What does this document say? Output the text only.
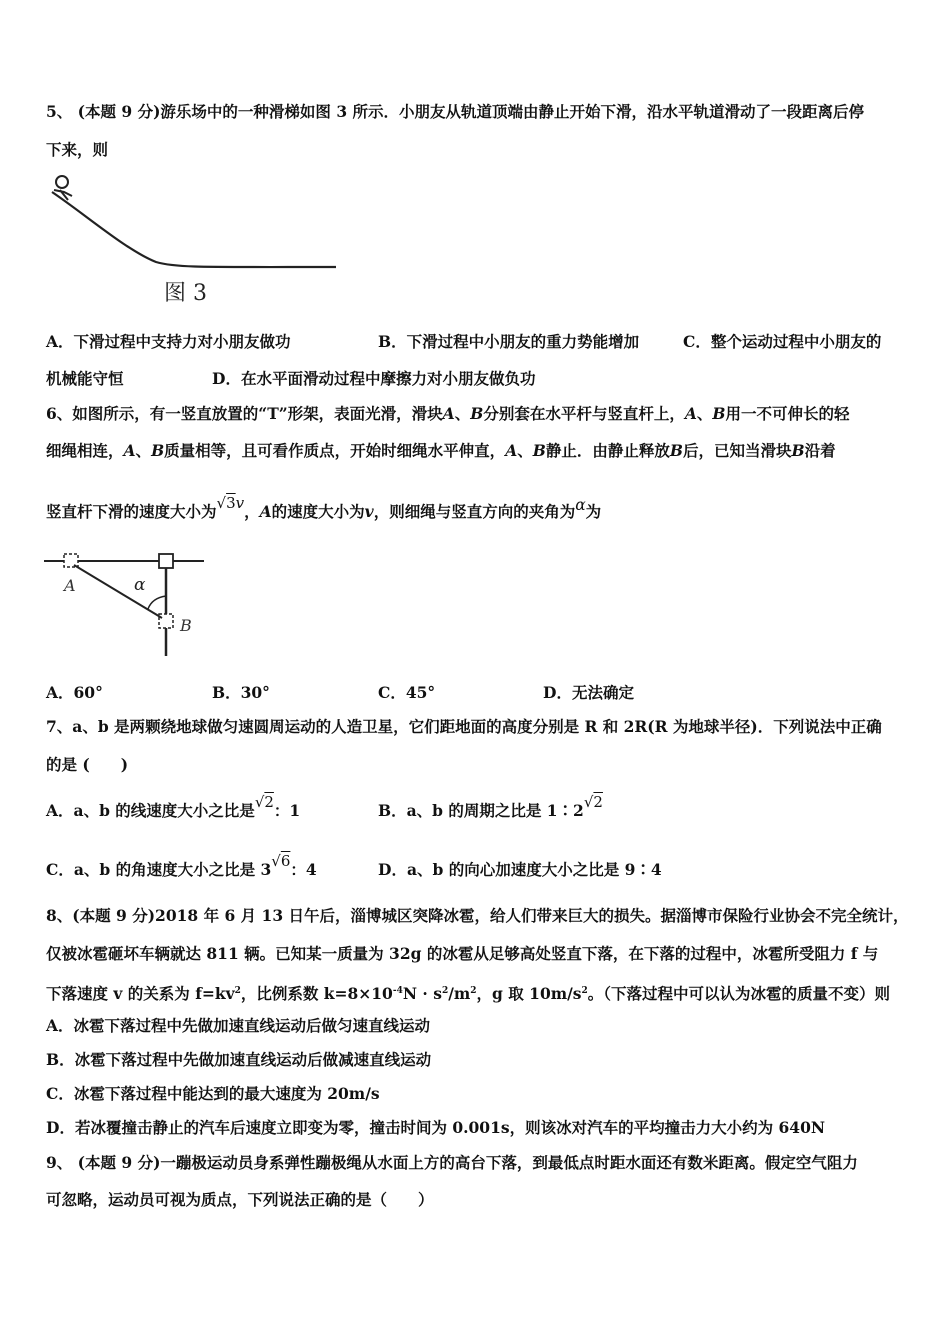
5、 (本题 9 分)游乐场中的一种滑梯如图 3 所示．小朋友从轨道顶端由静止开始下滑，沿水平轨道滑动了一段距离后停
下来，则
图 3
A．下滑过程中支持力对小朋友做功	B．下滑过程中小朋友的重力势能增加	C．整个运动过程中小朋友的
机械能守恒	D．在水平面滑动过程中摩擦力对小朋友做负功
6、如图所示，有一竖直放置的“T”形架，表面光滑，滑块A、B分别套在水平杆与竖直杆上，A、B用一不可伸长的轻
细绳相连，A、B质量相等，且可看作质点，开始时细绳水平伸直，A、B静止．由静止释放B后，已知当滑块B沿着
竖直杆下滑的速度大小为√3v，A的速度大小为v，则细绳与竖直方向的夹角为α为
α
A
B
A．60°	B．30°	C．45°	D．无法确定
7、a、b 是两颗绕地球做匀速圆周运动的人造卫星，它们距地面的高度分别是 R 和 2R(R 为地球半径)．下列说法中正确
的是 (　　)
A．a、b 的线速度大小之比是√2：1	B．a、b 的周期之比是 1∶2√2
C．a、b 的角速度大小之比是 3√6：4	D．a、b 的向心加速度大小之比是 9∶4
8、(本题 9 分)2018 年 6 月 13 日午后，淄博城区突降冰雹，给人们带来巨大的损失。据淄博市保险行业协会不完全统计，
仅被冰雹砸坏车辆就达 811 辆。已知某一质量为 32g 的冰雹从足够高处竖直下落，在下落的过程中，冰雹所受阻力 f 与
下落速度 v 的关系为 $f=kv^2$，比例系数 $k=8\times 10^{-4}N \cdot s^2/m^2$，g 取 $10m/s^2$。（下落过程中可以认为冰雹的质量不变）则
A．冰雹下落过程中先做加速直线运动后做匀速直线运动
B．冰雹下落过程中先做加速直线运动后做减速直线运动
C．冰雹下落过程中能达到的最大速度为 20m/s
D．若冰覆撞击静止的汽车后速度立即变为零，撞击时间为 0.001s，则该冰对汽车的平均撞击力大小约为 640N
9、 (本题 9 分)一蹦极运动员身系弹性蹦极绳从水面上方的高台下落，到最低点时距水面还有数米距离。假定空气阻力
可忽略，运动员可视为质点，下列说法正确的是（　　）
